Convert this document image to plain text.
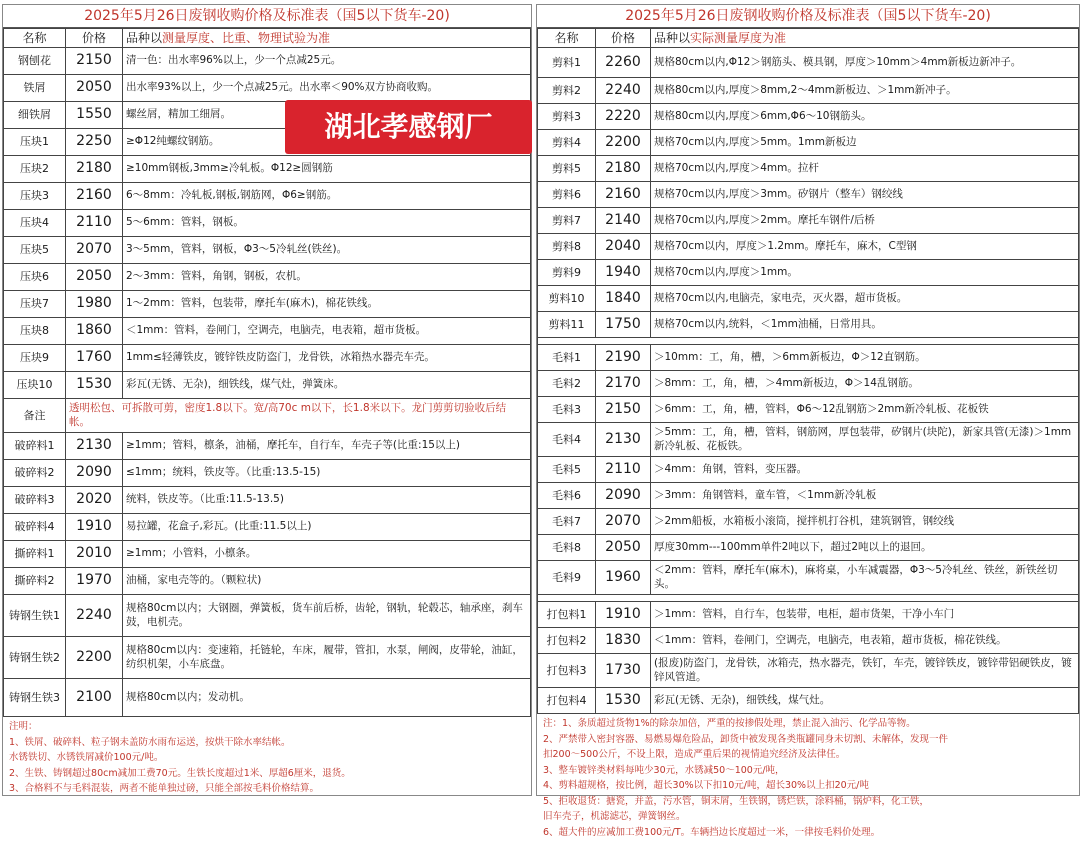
2025年5月26日废钢收购价格及标准表（国5以下货车-20)
名称	价格	品种以测量厚度、比重、物理试验为准
钢刨花	2150	清一色：出水率96%以上，少一个点减25元。
铁屑	2050	出水率93%以上，少一个点减25元。出水率＜90%双方协商收购。
细铁屑	1550	螺丝屑，精加工细屑。
压块1	2250	≥Φ12纯螺纹钢筋。
压块2	2180	≥10mm钢板,3mm≥冷轧板。Φ12≥圆钢筋
压块3	2160	6～8mm：冷轧板,钢板,钢筋网，Φ6≥钢筋。
压块4	2110	5～6mm：管料，钢板。
压块5	2070	3～5mm，管料，钢板，Φ3～5冷轧丝(铁丝)。
压块6	2050	2～3mm：管料，角钢，钢板，农机。
压块7	1980	1～2mm：管料，包装带，摩托车(麻木)，棉花铁线。
压块8	1860	＜1mm：管料，卷闸门，空调壳，电脑壳，电表箱，超市货板。
压块9	1760	1mm≤轻薄铁皮，镀锌铁皮防盗门，龙骨铁，冰箱热水器壳车壳。
压块10	1530	彩瓦(无锈、无杂)，细铁线，煤气灶，弹簧床。
备注	透明松包、可拆散可剪，密度1.8以下。宽/高70c m以下，长1.8米以下。龙门剪剪切验收后结帐。	
破碎料1	2130	≥1mm；管料，檩条，油桶，摩托车，自行车，车壳子等(比重:15以上)
破碎料2	2090	≤1mm；统料，铁皮等。（比重:13.5-15)
破碎料3	2020	统料，铁皮等。（比重:11.5-13.5)
破碎料4	1910	易拉罐，花盒子,彩瓦。(比重:11.5以上)
撕碎料1	2010	≥1mm；小管料，小檩条。
撕碎料2	1970	油桶，家电壳等的。（颗粒状)
铸钢生铁1	2240	规格80cm以内；大钢圈，弹簧板，货车前后桥，齿轮，钢轨，轮毂芯，轴承座，刹车鼓，电机壳。
铸钢生铁2	2200	规格80cm以内：变速箱，托链轮，车床，履带，管扣，水泵，闸阀，皮带轮，油缸，纺织机架，小车底盘。
铸钢生铁3	2100	规格80cm以内；发动机。
注明：
1、铁屑、破碎料、粒子钢未盖防水雨布运送，按烘干除水率结帐。
水锈铁切、水锈铁屑减价100元/吨。
2、生铁、铸钢超过80cm减加工费70元。生铁长度超过1米、厚超6厘米，退货。
3、合格料不与毛料混装，两者不能单独过磅，只能全部按毛料价格结算。
湖北孝感钢厂
2025年5月26日废钢收购价格及标准表（国5以下货车-20)
名称	价格	品种以实际测量厚度为准
剪料1	2260	规格80cm以内,Φ12＞钢筋头、模具钢，厚度＞10mm＞4mm新板边新冲子。
剪料2	2240	规格80cm以内,厚度＞8mm,2～4mm新板边、＞1mm新冲子。
剪料3	2220	规格80cm以内,厚度＞6mm,Φ6～10钢筋头。
剪料4	2200	规格70cm以内,厚度＞5mm。1mm新板边
剪料5	2180	规格70cm以内,厚度＞4mm。拉杆
剪料6	2160	规格70cm以内,厚度＞3mm。矽钢片（整车）钢绞线
剪料7	2140	规格70cm以内,厚度＞2mm。摩托车钢件/后桥
剪料8	2040	规格70cm以内，厚度＞1.2mm。摩托车，麻木，C型钢
剪料9	1940	规格70cm以内,厚度＞1mm。
剪料10	1840	规格70cm以内,电脑壳，家电壳，灭火器，超市货板。
剪料11	1750	规格70cm以内,统料，＜1mm油桶，日常用具。

毛料1	2190	＞10mm：工，角，槽，＞6mm新板边，Φ＞12直钢筋。
毛料2	2170	＞8mm：工，角，槽，＞4mm新板边，Φ＞14乱钢筋。
毛料3	2150	＞6mm：工，角，槽，管料，Φ6～12乱钢筋＞2mm新冷轧板、花板铁
毛料4	2130	＞5mm：工，角，槽，管料，钢筋网，厚包装带，矽钢片(块陀)，新家具管(无漆)＞1mm新冷轧板、花板铁。
毛料5	2110	＞4mm：角钢，管料，变压器。
毛料6	2090	＞3mm：角钢管料，童车管，＜1mm新冷轧板
毛料7	2070	＞2mm船板，水箱板小滚筒，搅拌机打谷机，建筑钢管，钢绞线
毛料8	2050	厚度30mm---100mm单件2吨以下，超过2吨以上的退回。
毛料9	1960	＜2mm：管料，摩托车(麻木)，麻将桌，小车减震器，Φ3～5冷轧丝、铁丝，新铁丝切头。

打包料1	1910	＞1mm：管料，自行车，包装带，电柜，超市货架，干净小车门
打包料2	1830	＜1mm：管料，卷闸门，空调壳，电脑壳，电表箱，超市货板，棉花铁线。
打包料3	1730	(报废)防盗门，龙骨铁，冰箱壳，热水器壳，铁钉，车壳，镀锌铁皮，镀锌带铝硬铁皮，镀锌风管道。
打包料4	1530	彩瓦(无锈、无杂)，细铁线，煤气灶。
注：1、条质超过货物1%的除杂加倍，严重的按掺假处理，禁止混入油污、化学品等物。
2、严禁带入密封容器、易燃易爆危险品，卸货中被发现各类瓶罐同身未切割、未解体，发现一件
扣200～500公斤，不设上限，造成严重后果的视情追究经济及法律任。
3、整车镀锌类材料每吨少30元，水锈减50～100元/吨，
4、剪料超规格，按比例，超长30%以下扣10元/吨，超长30%以上扣20元/吨
5、拒收退货：搪瓷，并盖，污水管，铜末屑，生铁钢，锈烂铁，涂料桶，锅炉料，化工铁，
旧车壳子，机滤滤芯，弹簧钢丝。
6、超大件的应减加工费100元/T。车辆挡边长度超过一米，一律按毛料价处理。
